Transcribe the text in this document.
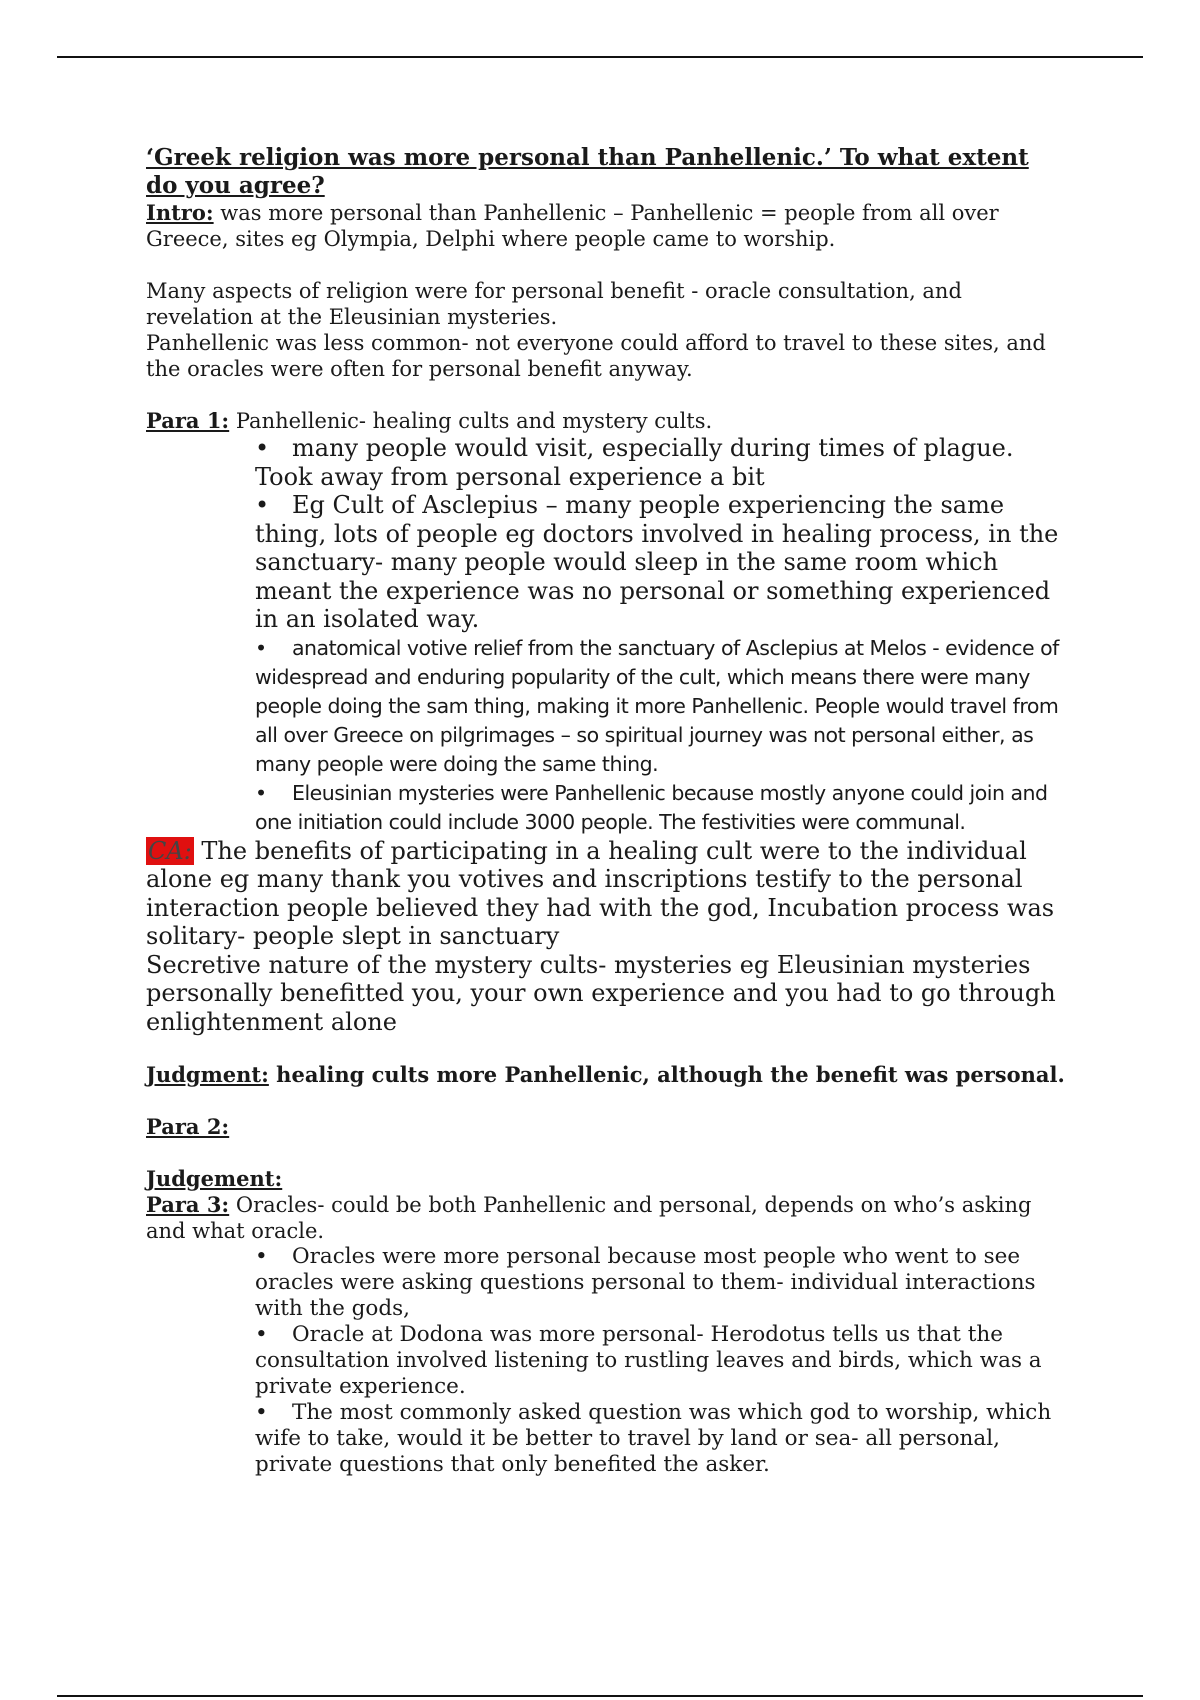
‘Greek religion was more personal than Panhellenic.’ To what extent do you agree?

Intro: was more personal than Panhellenic – Panhellenic = people from all over Greece, sites eg Olympia, Delphi where people came to worship.

Many aspects of religion were for personal benefit - oracle consultation, and revelation at the Eleusinian mysteries.

Panhellenic was less common- not everyone could afford to travel to these sites, and the oracles were often for personal benefit anyway.

Para 1: Panhellenic- healing cults and mystery cults.

• many people would visit, especially during times of plague. Took away from personal experience a bit

• Eg Cult of Asclepius – many people experiencing the same thing, lots of people eg doctors involved in healing process, in the sanctuary- many people would sleep in the same room which meant the experience was no personal or something experienced in an isolated way.

• anatomical votive relief from the sanctuary of Asclepius at Melos - evidence of widespread and enduring popularity of the cult, which means there were many people doing the sam thing, making it more Panhellenic. People would travel from all over Greece on pilgrimages – so spiritual journey was not personal either, as many people were doing the same thing.

• Eleusinian mysteries were Panhellenic because mostly anyone could join and one initiation could include 3000 people. The festivities were communal.

CA: The benefits of participating in a healing cult were to the individual alone eg many thank you votives and inscriptions testify to the personal interaction people believed they had with the god, Incubation process was solitary- people slept in sanctuary

Secretive nature of the mystery cults- mysteries eg Eleusinian mysteries personally benefitted you, your own experience and you had to go through enlightenment alone

Judgment: healing cults more Panhellenic, although the benefit was personal.

Para 2:

Judgement:

Para 3: Oracles- could be both Panhellenic and personal, depends on who’s asking and what oracle.

• Oracles were more personal because most people who went to see oracles were asking questions personal to them- individual interactions with the gods,

• Oracle at Dodona was more personal- Herodotus tells us that the consultation involved listening to rustling leaves and birds, which was a private experience.

• The most commonly asked question was which god to worship, which wife to take, would it be better to travel by land or sea- all personal, private questions that only benefited the asker.
